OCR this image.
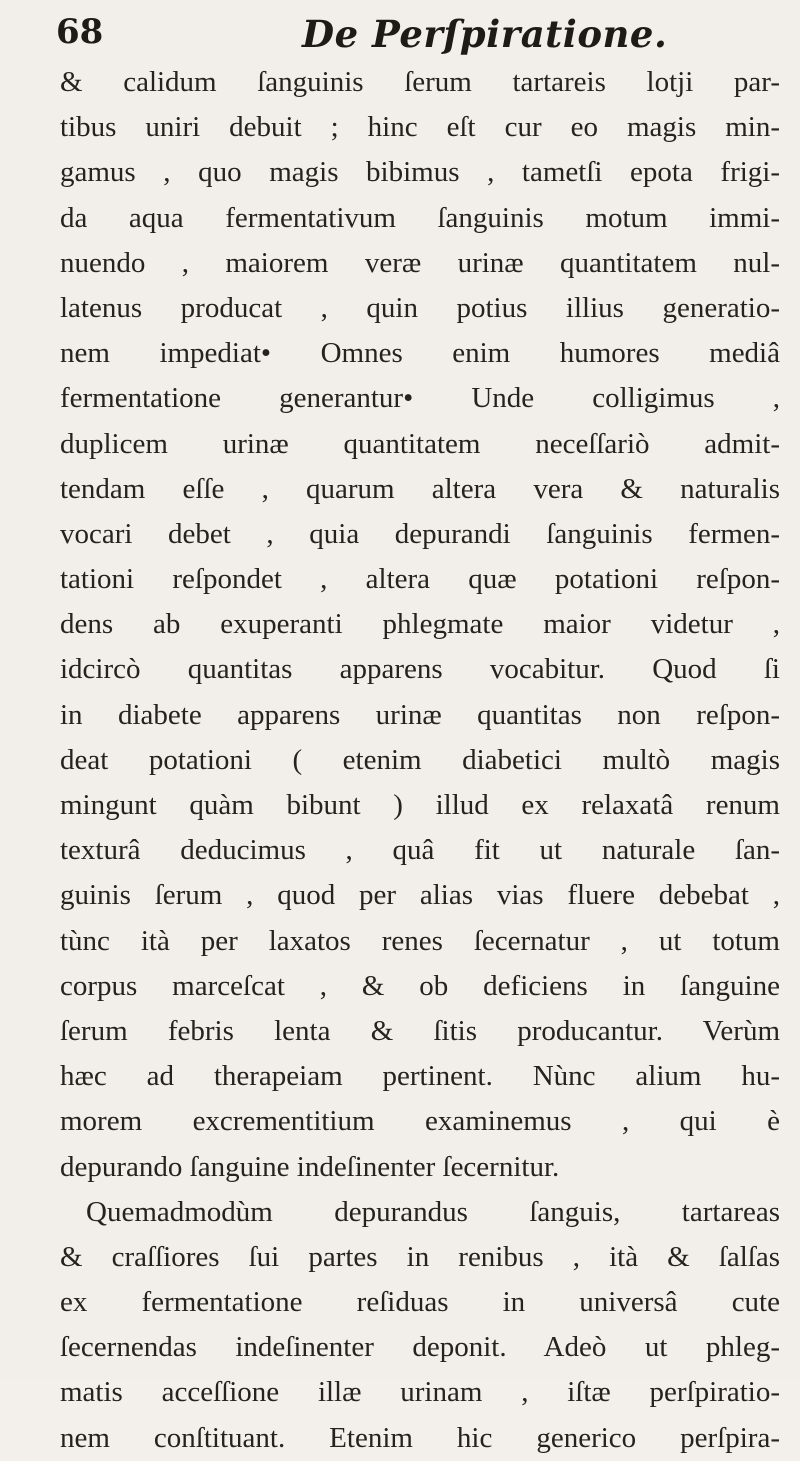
68	De Perſpiratione.
& calidum ſanguinis ſerum tartareis lotji par-
tibus uniri debuit ; hinc eſt cur eo magis min-
gamus , quo magis bibimus , tametſi epota frigi-
da aqua fermentativum ſanguinis motum immi-
nuendo , maiorem veræ urinæ quantitatem nul-
latenus producat , quin potius illius generatio-
nem impediat• Omnes enim humores mediâ
fermentatione generantur• Unde colligimus ,
duplicem urinæ quantitatem neceſſariò admit-
tendam eſſe , quarum altera vera & naturalis
vocari debet , quia depurandi ſanguinis fermen-
tationi reſpondet , altera quæ potationi reſpon-
dens ab exuperanti phlegmate maior videtur ,
idcircò quantitas apparens vocabitur. Quod ſi
in diabete apparens urinæ quantitas non reſpon-
deat potationi ( etenim diabetici multò magis
mingunt quàm bibunt ) illud ex relaxatâ renum
texturâ deducimus , quâ fit ut naturale ſan-
guinis ſerum , quod per alias vias fluere debebat ,
tùnc ità per laxatos renes ſecernatur , ut totum
corpus marceſcat , & ob deficiens in ſanguine
ſerum febris lenta & ſitis producantur. Verùm
hæc ad therapeiam pertinent. Nùnc alium hu-
morem excrementitium examinemus , qui è
depurando ſanguine indeſinenter ſecernitur.
Quemadmodùm depurandus ſanguis, tartareas
& craſſiores ſui partes in renibus , ità & ſalſas
ex fermentatione reſiduas in universâ cute
ſecernendas indeſinenter deponit. Adeò ut phleg-
matis acceſſione illæ urinam , iſtæ perſpiratio-
nem conſtituant. Etenim hic generico perſpira-
